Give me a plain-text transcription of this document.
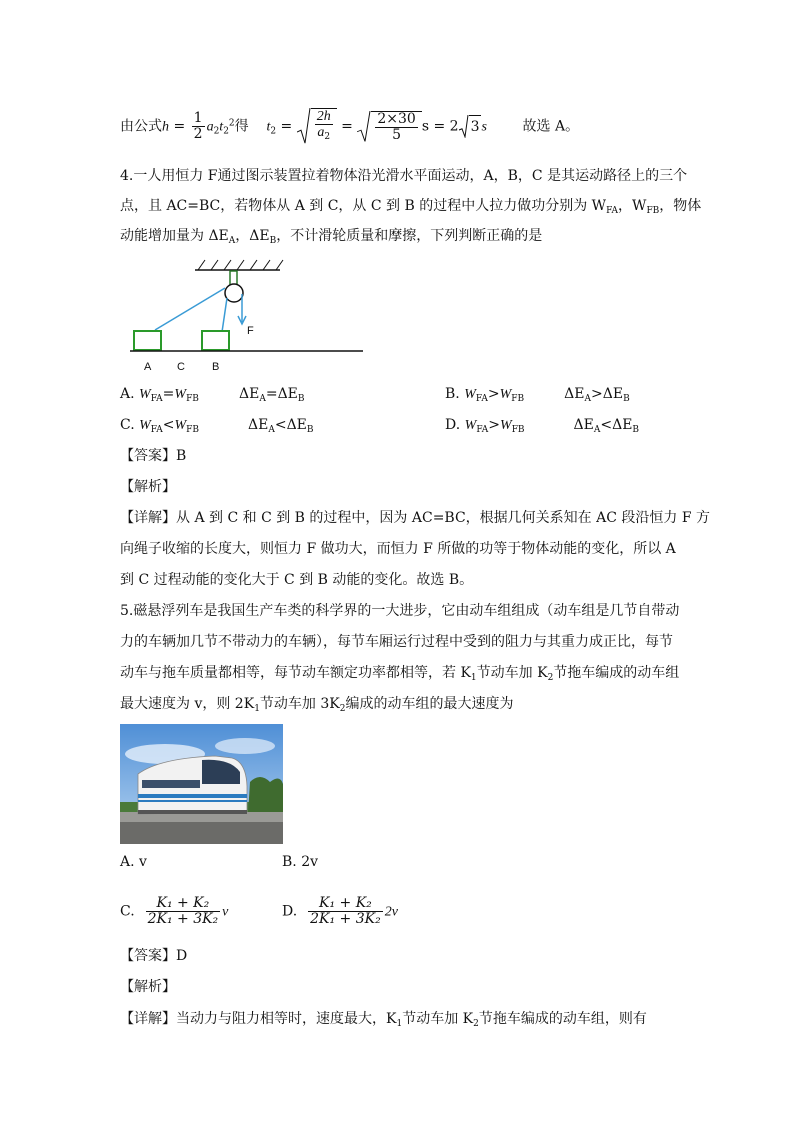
由公式$h = \frac{1}{2} a_2t_2^2$得 $t_2 = \frac{2h}{a_2} = \frac{2\times 30}{5}$ s = 2 3 s	故选 A。
4.一人用恒力 F通过图示装置拉着物体沿光滑水平面运动，A，B，C 是其运动路径上的三个
点，且 AC=BC，若物体从 A 到 C，从 C 到 B 的过程中人拉力做功分别为 $W_{FA}$，$W_{FB}$，物体
动能增加量为 $\Delta E_A$，$\Delta E_B$，不计滑轮质量和摩擦，下列判断正确的是
A C B
F
A. $W_{FA}=W_{FB}$	$\Delta E_A=\Delta E_B$	B. $W_{FA}>W_{FB}$	$\Delta E_A>\Delta E_B$
C. $W_{FA}<W_{FB}$	$\Delta E_A<\Delta E_B$	D. $W_{FA}>W_{FB}$	$\Delta E_A<\Delta E_B$
【答案】B
【解析】
【详解】从 A 到 C 和 C 到 B 的过程中，因为 AC=BC，根据几何关系知在 AC 段沿恒力 F 方
向绳子收缩的长度大，则恒力 F 做功大，而恒力 F 所做的功等于物体动能的变化，所以 A
到 C 过程动能的变化大于 C 到 B 动能的变化。故选 B。
5.磁悬浮列车是我国生产车类的科学界的一大进步，它由动车组组成（动车组是几节自带动
力的车辆加几节不带动力的车辆），每节车厢运行过程中受到的阻力与其重力成正比，每节
动车与拖车质量都相等，每节动车额定功率都相等，若 $K_1$节动车加 $K_2$节拖车编成的动车组
最大速度为 v，则 $2K_1$节动车加 $3K_2$编成的动车组的最大速度为
A. v	B. 2v
C. $\frac{\text{K₁ + K₂}}{\text{2K₁ + 3K₂}}$ v	D. $\frac{\text{K₁ + K₂}}{\text{2K₁ + 3K₂}} 2v$
【答案】D
【解析】
【详解】当动力与阻力相等时，速度最大，$K_1$节动车加 $K_2$节拖车编成的动车组，则有
